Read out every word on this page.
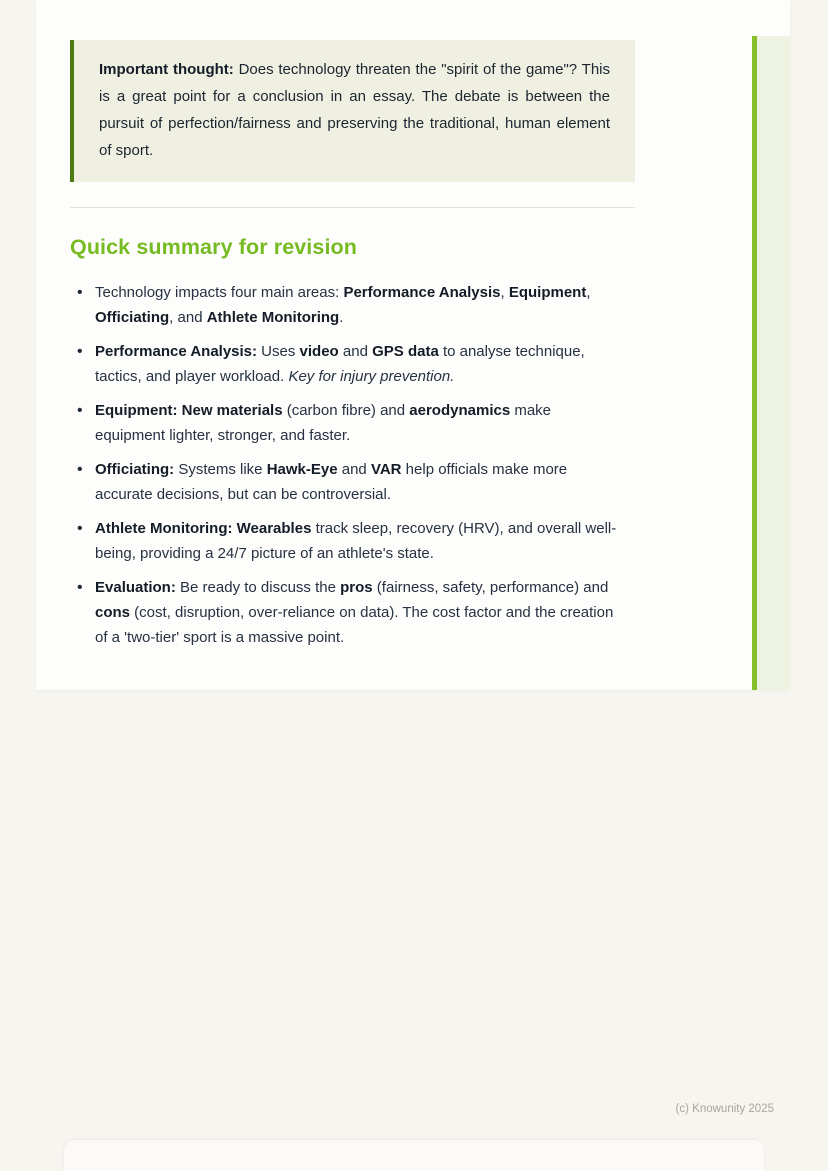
Important thought: Does technology threaten the "spirit of the game"? This is a great point for a conclusion in an essay. The debate is between the pursuit of perfection/fairness and preserving the traditional, human element of sport.

Quick summary for revision
• Technology impacts four main areas: Performance Analysis, Equipment, Officiating, and Athlete Monitoring.
• Performance Analysis: Uses video and GPS data to analyse technique, tactics, and player workload. Key for injury prevention.
• Equipment: New materials (carbon fibre) and aerodynamics make equipment lighter, stronger, and faster.
• Officiating: Systems like Hawk-Eye and VAR help officials make more accurate decisions, but can be controversial.
• Athlete Monitoring: Wearables track sleep, recovery (HRV), and overall well-being, providing a 24/7 picture of an athlete's state.
• Evaluation: Be ready to discuss the pros (fairness, safety, performance) and cons (cost, disruption, over-reliance on data). The cost factor and the creation of a 'two-tier' sport is a massive point.
(c) Knowunity 2025
